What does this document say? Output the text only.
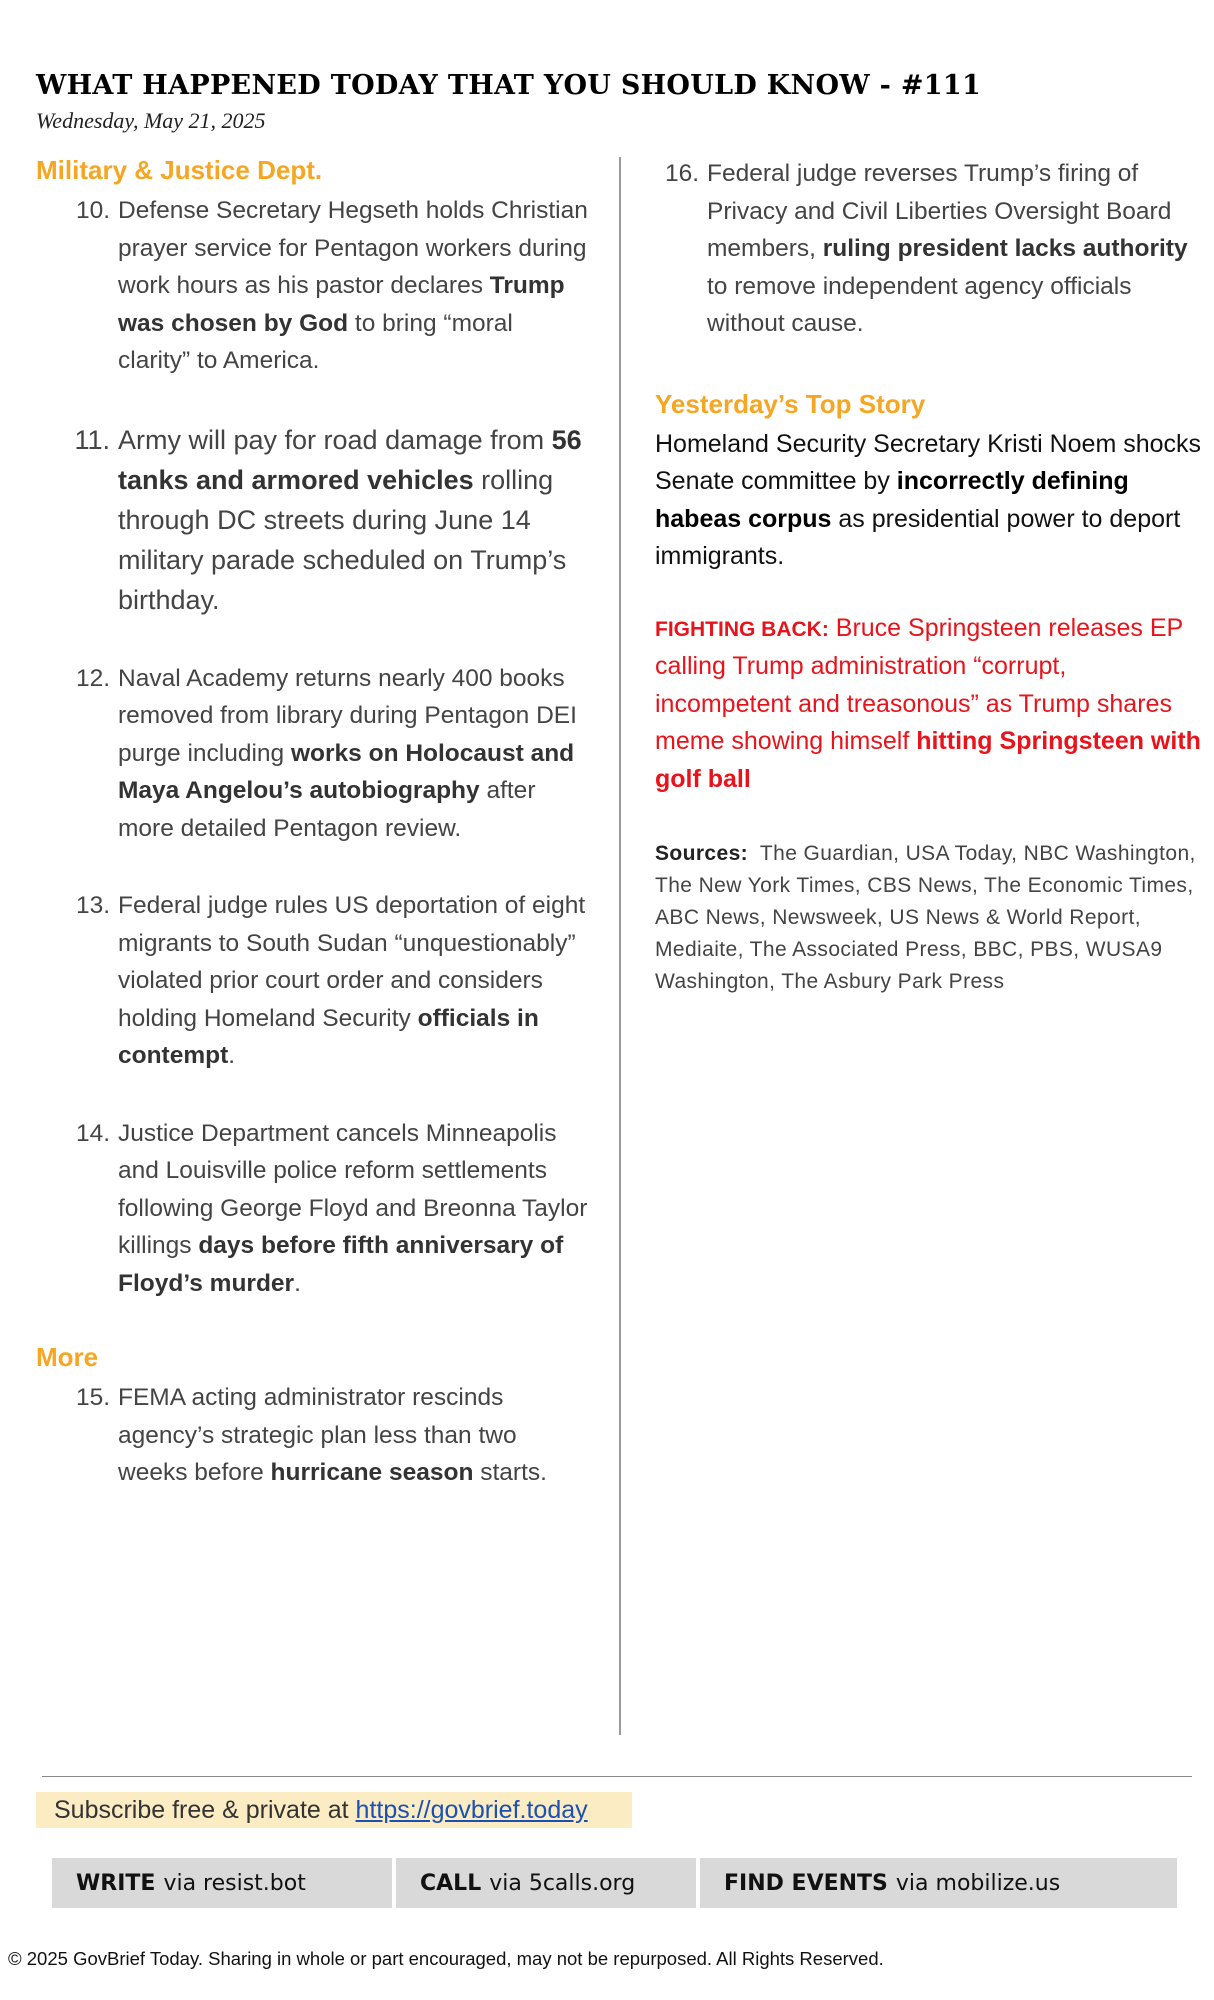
WHAT HAPPENED TODAY THAT YOU SHOULD KNOW - #111
Wednesday, May 21, 2025
Military & Justice Dept.
10. Defense Secretary Hegseth holds Christian prayer service for Pentagon workers during work hours as his pastor declares Trump was chosen by God to bring “moral clarity” to America.
11. Army will pay for road damage from 56 tanks and armored vehicles rolling through DC streets during June 14 military parade scheduled on Trump’s birthday.
12. Naval Academy returns nearly 400 books removed from library during Pentagon DEI purge including works on Holocaust and Maya Angelou’s autobiography after more detailed Pentagon review.
13. Federal judge rules US deportation of eight migrants to South Sudan “unquestionably” violated prior court order and considers holding Homeland Security officials in contempt.
14. Justice Department cancels Minneapolis and Louisville police reform settlements following George Floyd and Breonna Taylor killings days before fifth anniversary of Floyd’s murder.
More
15. FEMA acting administrator rescinds agency’s strategic plan less than two weeks before hurricane season starts.
16. Federal judge reverses Trump’s firing of Privacy and Civil Liberties Oversight Board members, ruling president lacks authority to remove independent agency officials without cause.
Yesterday’s Top Story
Homeland Security Secretary Kristi Noem shocks Senate committee by incorrectly defining habeas corpus as presidential power to deport immigrants.
FIGHTING BACK: Bruce Springsteen releases EP calling Trump administration “corrupt, incompetent and treasonous” as Trump shares meme showing himself hitting Springsteen with golf ball
Sources: The Guardian, USA Today, NBC Washington, The New York Times, CBS News, The Economic Times, ABC News, Newsweek, US News & World Report, Mediaite, The Associated Press, BBC, PBS, WUSA9 Washington, The Asbury Park Press
Subscribe free & private at https://govbrief.today
WRITE via resist.bot	CALL via 5calls.org	FIND EVENTS via mobilize.us
© 2025 GovBrief Today. Sharing in whole or part encouraged, may not be repurposed. All Rights Reserved.
